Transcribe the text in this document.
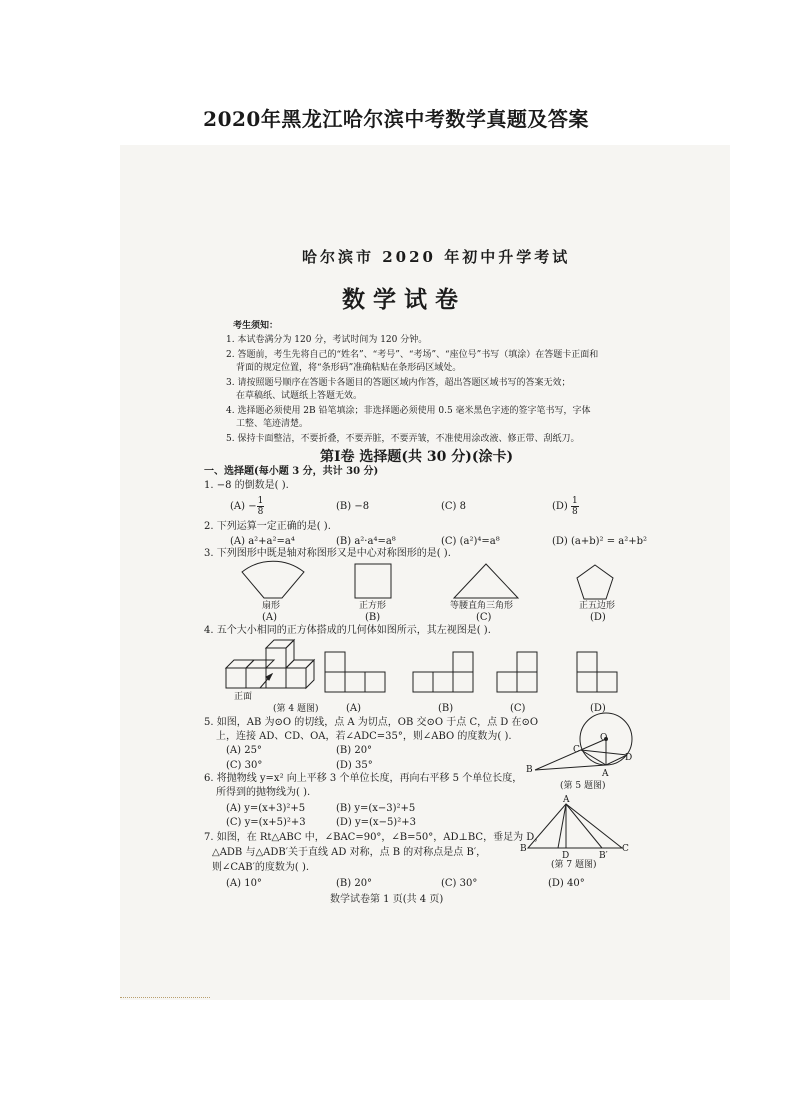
2020年黑龙江哈尔滨中考数学真题及答案
哈尔滨市 2020 年初中升学考试
数学试卷
考生须知：
1. 本试卷满分为 120 分，考试时间为 120 分钟。
2. 答题前，考生先将自己的“姓名”、“考号”、“考场”、“座位号”书写（填涂）在答题卡正面和
背面的规定位置，将“条形码”准确粘贴在条形码区域处。
3. 请按照题号顺序在答题卡各题目的答题区域内作答，超出答题区域书写的答案无效；
在草稿纸、试题纸上答题无效。
4. 选择题必须使用 2B 铅笔填涂；非选择题必须使用 0.5 毫米黑色字迹的签字笔书写，字体
工整、笔迹清楚。
5. 保持卡面整洁，不要折叠，不要弄脏，不要弄皱，不准使用涂改液、修正带、刮纸刀。
第Ⅰ卷 选择题(共 30 分)(涂卡)
一、选择题(每小题 3 分，共计 30 分)
1. −8 的倒数是( ).
$(A) - \frac{1}{8}$	(B) −8	(C) 8	$(D) \frac{1}{8}$
2. 下列运算一定正确的是( ).
(A) a²+a²=a⁴	(B) a²·a⁴=a⁸	(C) (a²)⁴=a⁸	(D) (a+b)² = a²+b²
3. 下列图形中既是轴对称图形又是中心对称图形的是( ).
扇形	正方形	等腰直角三角形	正五边形
(A)	(B)	(C)	(D)
4. 五个大小相同的正方体搭成的几何体如图所示，其左视图是( ).
正面
(第 4 题图)	(A)	(B)	(C)	(D)
5. 如图，AB 为⊙O 的切线，点 A 为切点，OB 交⊙O 于点 C，点 D 在⊙O
上，连接 AD、CD、OA，若∠ADC=35°，则∠ABO 的度数为( ).
(A) 25°	(B) 20°
(C) 30°	(D) 35°
O
C
D
A
B
(第 5 题图)
6. 将抛物线 y=x² 向上平移 3 个单位长度，再向右平移 5 个单位长度，
所得到的抛物线为( ).
(A) y=(x+3)²+5	(B) y=(x−3)²+5
(C) y=(x+5)²+3	(D) y=(x−5)²+3
7. 如图，在 Rt△ABC 中，∠BAC=90°，∠B=50°，AD⊥BC，垂足为 D，
△ADB 与△ADB′关于直线 AD 对称，点 B 的对称点是点 B′，
则∠CAB′的度数为( ).
A
B
D	B′
C
(第 7 题图)
(A) 10°	(B) 20°	(C) 30°	(D) 40°
数学试卷第 1 页(共 4 页)
